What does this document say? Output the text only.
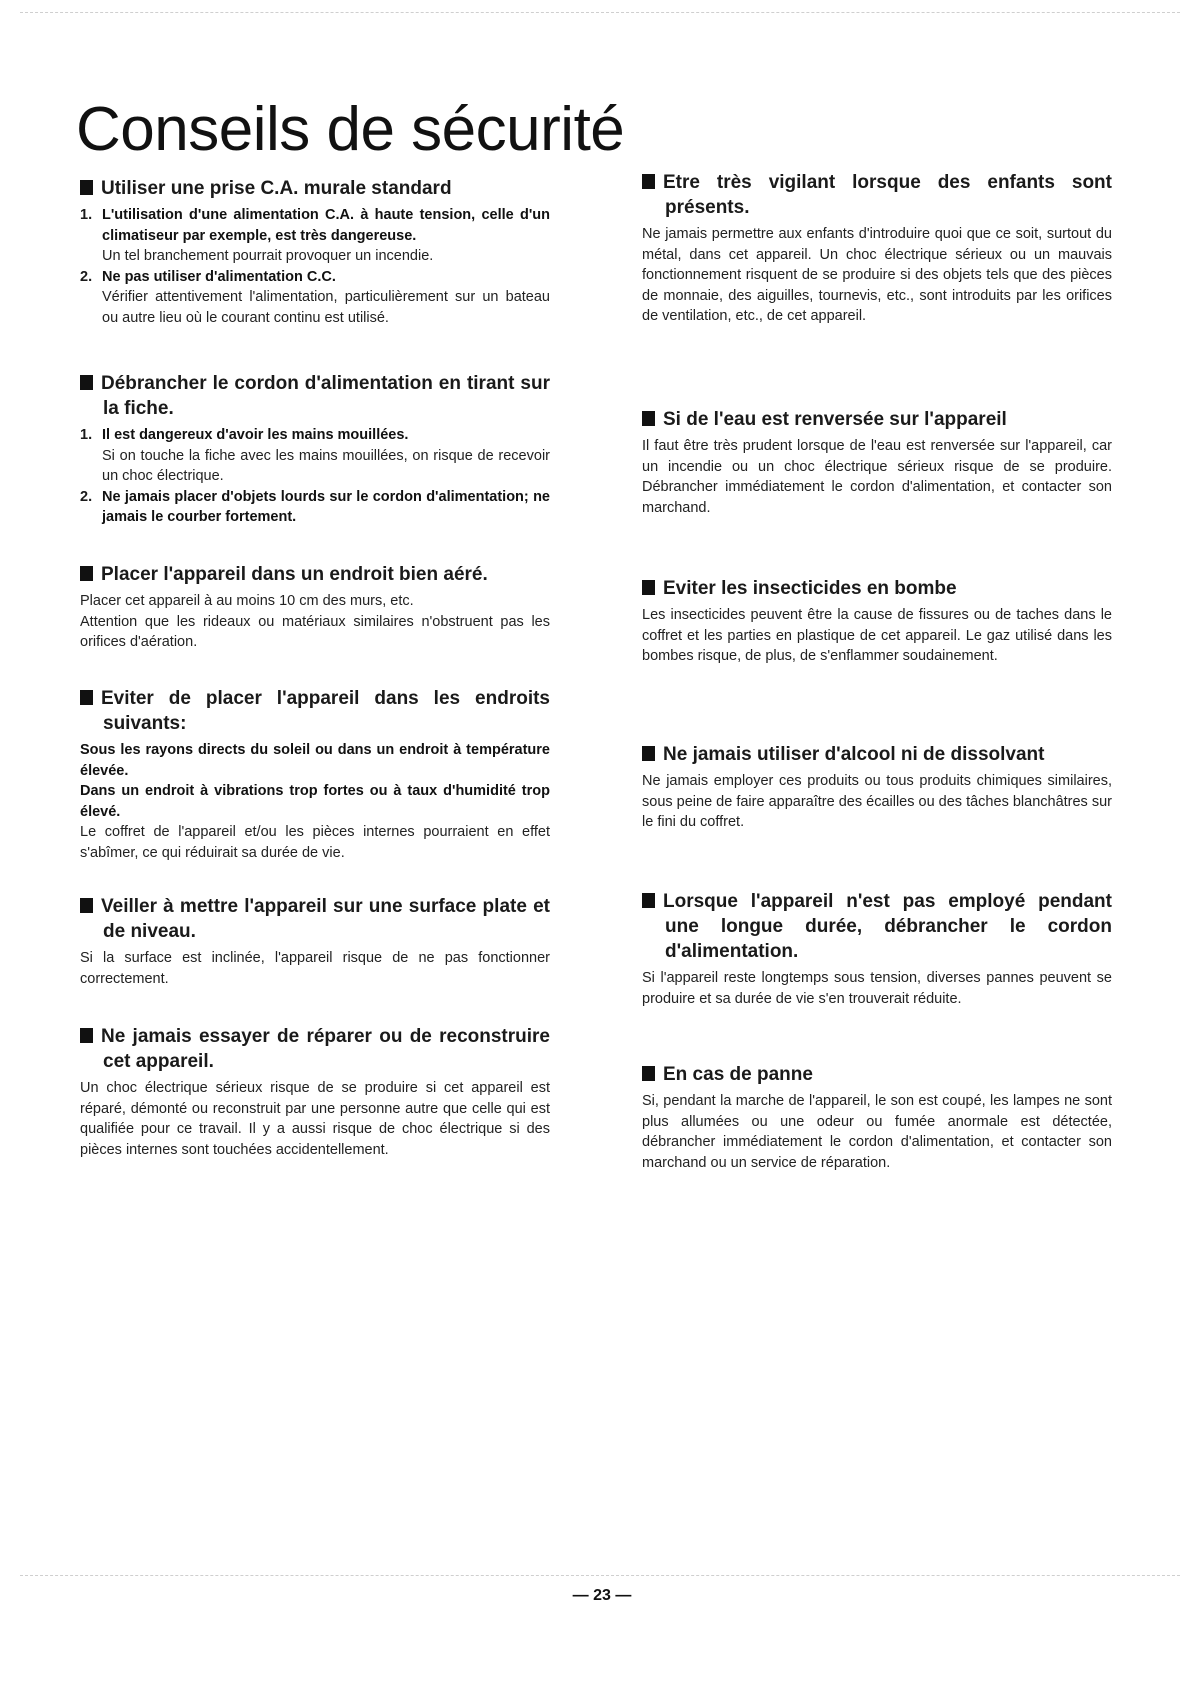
Conseils de sécurité
Utiliser une prise C.A. murale standard
1. L'utilisation d'une alimentation C.A. à haute tension, celle d'un climatiseur par exemple, est très dangereuse.
Un tel branchement pourrait provoquer un incendie.
2. Ne pas utiliser d'alimentation C.C.
Vérifier attentivement l'alimentation, particulièrement sur un bateau ou autre lieu où le courant continu est utilisé.
Débrancher le cordon d'alimentation en tirant sur la fiche.
1. Il est dangereux d'avoir les mains mouillées.
Si on touche la fiche avec les mains mouillées, on risque de recevoir un choc électrique.
2. Ne jamais placer d'objets lourds sur le cordon d'alimentation; ne jamais le courber fortement.
Placer l'appareil dans un endroit bien aéré.

Placer cet appareil à au moins 10 cm des murs, etc.

Attention que les rideaux ou matériaux similaires n'obstruent pas les orifices d'aération.

Eviter de placer l'appareil dans les endroits suivants:

Sous les rayons directs du soleil ou dans un endroit à température élevée.

Dans un endroit à vibrations trop fortes ou à taux d'humidité trop élevé.

Le coffret de l'appareil et/ou les pièces internes pourraient en effet s'abîmer, ce qui réduirait sa durée de vie.

Veiller à mettre l'appareil sur une surface plate et de niveau.

Si la surface est inclinée, l'appareil risque de ne pas fonctionner correctement.

Ne jamais essayer de réparer ou de reconstruire cet appareil.

Un choc électrique sérieux risque de se produire si cet appareil est réparé, démonté ou reconstruit par une personne autre que celle qui est qualifiée pour ce travail. Il y a aussi risque de choc électrique si des pièces internes sont touchées accidentellement.

Etre très vigilant lorsque des enfants sont présents.

Ne jamais permettre aux enfants d'introduire quoi que ce soit, surtout du métal, dans cet appareil. Un choc électrique sérieux ou un mauvais fonctionnement risquent de se produire si des objets tels que des pièces de monnaie, des aiguilles, tournevis, etc., sont introduits par les orifices de ventilation, etc., de cet appareil.

Si de l'eau est renversée sur l'appareil

Il faut être très prudent lorsque de l'eau est renversée sur l'appareil, car un incendie ou un choc électrique sérieux risque de se produire. Débrancher immédiatement le cordon d'alimentation, et contacter son marchand.

Eviter les insecticides en bombe

Les insecticides peuvent être la cause de fissures ou de taches dans le coffret et les parties en plastique de cet appareil. Le gaz utilisé dans les bombes risque, de plus, de s'enflammer soudainement.

Ne jamais utiliser d'alcool ni de dissolvant

Ne jamais employer ces produits ou tous produits chimiques similaires, sous peine de faire apparaître des écailles ou des tâches blanchâtres sur le fini du coffret.

Lorsque l'appareil n'est pas employé pendant une longue durée, débrancher le cordon d'alimentation.

Si l'appareil reste longtemps sous tension, diverses pannes peuvent se produire et sa durée de vie s'en trouverait réduite.

En cas de panne

Si, pendant la marche de l'appareil, le son est coupé, les lampes ne sont plus allumées ou une odeur ou fumée anormale est détectée, débrancher immédiatement le cordon d'alimentation, et contacter son marchand ou un service de réparation.

— 23 —
